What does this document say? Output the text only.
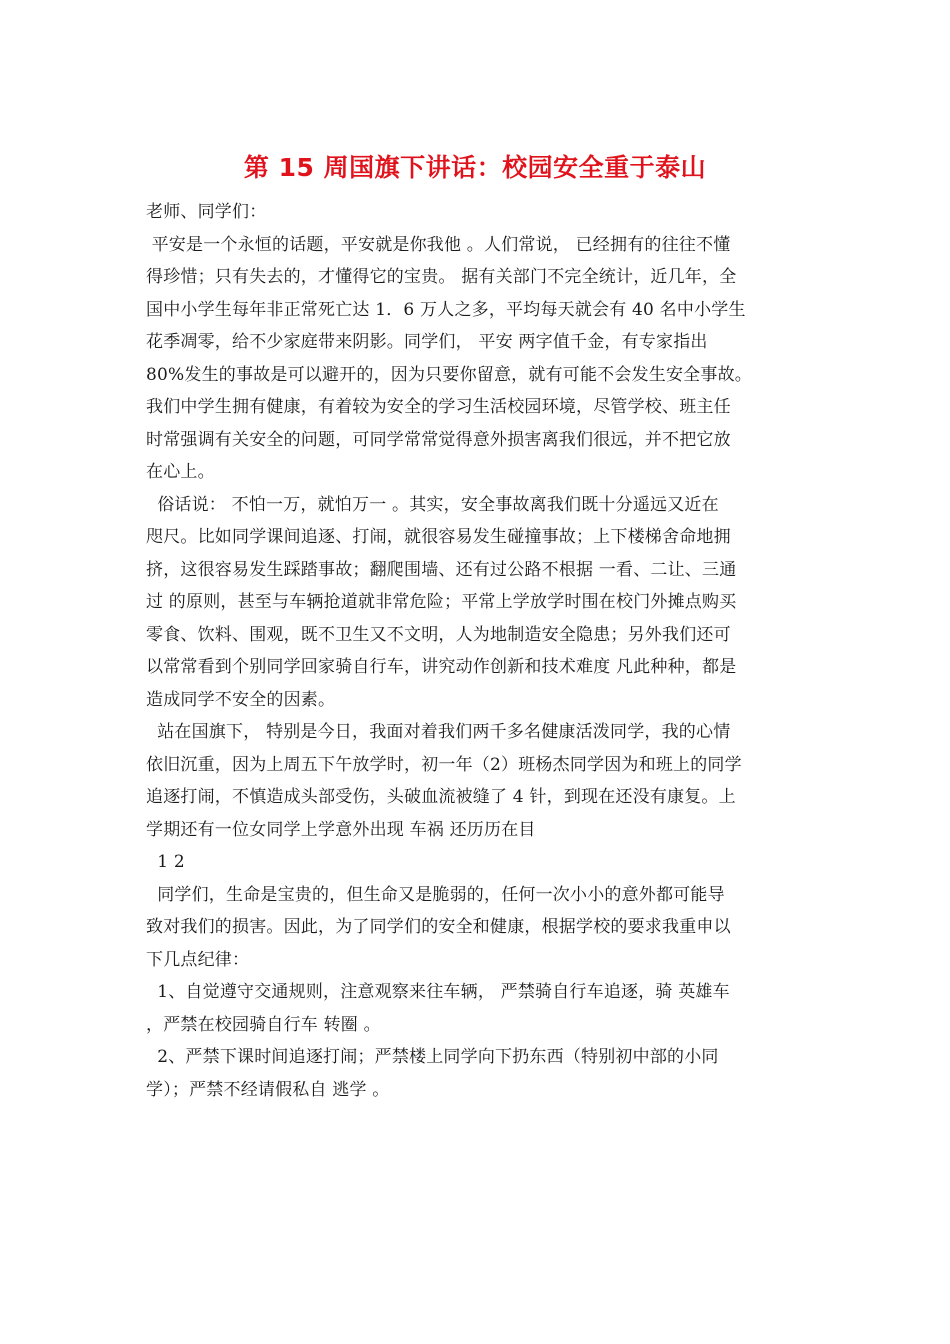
第 15 周国旗下讲话：校园安全重于泰山
老师、同学们：
平安是一个永恒的话题，平安就是你我他 。人们常说， 已经拥有的往往不懂
得珍惜；只有失去的，才懂得它的宝贵。 据有关部门不完全统计，近几年，全
国中小学生每年非正常死亡达 1．6 万人之多，平均每天就会有 40 名中小学生
花季凋零，给不少家庭带来阴影。同学们， 平安 两字值千金，有专家指出
80%发生的事故是可以避开的，因为只要你留意，就有可能不会发生安全事故。
我们中学生拥有健康，有着较为安全的学习生活校园环境，尽管学校、班主任
时常强调有关安全的问题，可同学常常觉得意外损害离我们很远，并不把它放
在心上。
俗话说： 不怕一万，就怕万一 。其实，安全事故离我们既十分遥远又近在
咫尺。比如同学课间追逐、打闹，就很容易发生碰撞事故；上下楼梯舍命地拥
挤，这很容易发生踩踏事故；翻爬围墙、还有过公路不根据 一看、二让、三通
过 的原则，甚至与车辆抢道就非常危险；平常上学放学时围在校门外摊点购买
零食、饮料、围观，既不卫生又不文明，人为地制造安全隐患；另外我们还可
以常常看到个别同学回家骑自行车，讲究动作创新和技术难度 凡此种种，都是
造成同学不安全的因素。
站在国旗下， 特别是今日，我面对着我们两千多名健康活泼同学，我的心情
依旧沉重，因为上周五下午放学时，初一年（2）班杨杰同学因为和班上的同学
追逐打闹，不慎造成头部受伤，头破血流被缝了 4 针，到现在还没有康复。上
学期还有一位女同学上学意外出现 车祸 还历历在目
1 2
同学们，生命是宝贵的，但生命又是脆弱的，任何一次小小的意外都可能导
致对我们的损害。因此，为了同学们的安全和健康，根据学校的要求我重申以
下几点纪律：
1、自觉遵守交通规则，注意观察来往车辆， 严禁骑自行车追逐，骑 英雄车
，严禁在校园骑自行车 转圈 。
2、严禁下课时间追逐打闹；严禁楼上同学向下扔东西（特别初中部的小同
学）；严禁不经请假私自 逃学 。
